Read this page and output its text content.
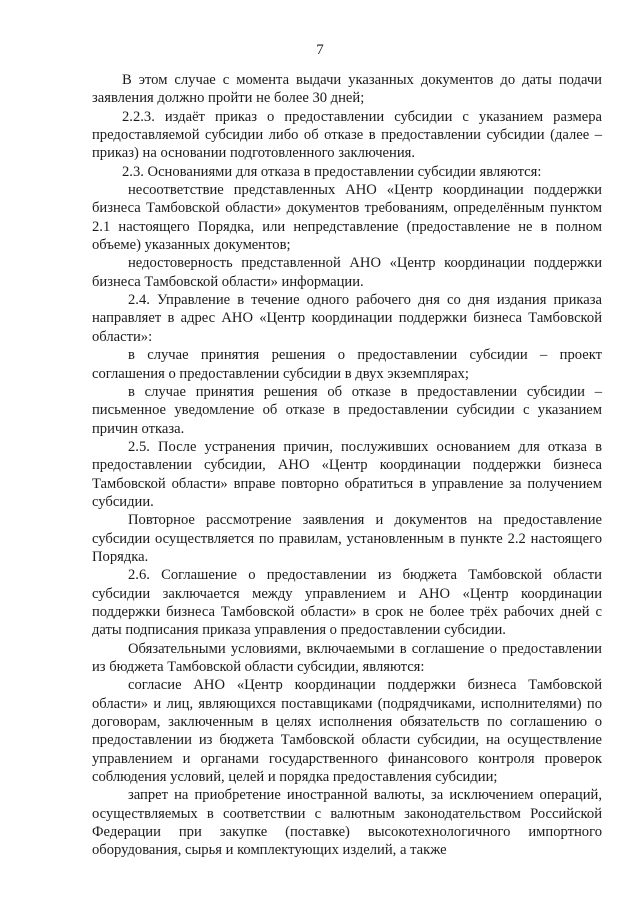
7

В этом случае с момента выдачи указанных документов до даты подачи заявления должно пройти не более 30 дней;

2.2.3. издаёт приказ о предоставлении субсидии с указанием размера предоставляемой субсидии либо об отказе в предоставлении субсидии (далее – приказ) на основании подготовленного заключения.

2.3. Основаниями для отказа в предоставлении субсидии являются:

несоответствие представленных АНО «Центр координации поддержки бизнеса Тамбовской области» документов требованиям, определённым пунктом 2.1 настоящего Порядка, или непредставление (предоставление не в полном объеме) указанных документов;

недостоверность представленной АНО «Центр координации поддержки бизнеса Тамбовской области» информации.

2.4. Управление в течение одного рабочего дня со дня издания приказа направляет в адрес АНО «Центр координации поддержки бизнеса Тамбовской области»:

в случае принятия решения о предоставлении субсидии – проект соглашения о предоставлении субсидии в двух экземплярах;

в случае принятия решения об отказе в предоставлении субсидии – письменное уведомление об отказе в предоставлении субсидии с указанием причин отказа.

2.5. После устранения причин, послуживших основанием для отказа в предоставлении субсидии, АНО «Центр координации поддержки бизнеса Тамбовской области» вправе повторно обратиться в управление за получением субсидии.

Повторное рассмотрение заявления и документов на предоставление субсидии осуществляется по правилам, установленным в пункте 2.2 настоящего Порядка.

2.6. Соглашение о предоставлении из бюджета Тамбовской области субсидии заключается между управлением и АНО «Центр координации поддержки бизнеса Тамбовской области» в срок не более трёх рабочих дней с даты подписания приказа управления о предоставлении субсидии.

Обязательными условиями, включаемыми в соглашение о предоставлении из бюджета Тамбовской области субсидии, являются:

согласие АНО «Центр координации поддержки бизнеса Тамбовской области» и лиц, являющихся поставщиками (подрядчиками, исполнителями) по договорам, заключенным в целях исполнения обязательств по соглашению о предоставлении из бюджета Тамбовской области субсидии, на осуществление управлением и органами государственного финансового контроля проверок соблюдения условий, целей и порядка предоставления субсидии;

запрет на приобретение иностранной валюты, за исключением операций, осуществляемых в соответствии с валютным законодательством Российской Федерации при закупке (поставке) высокотехнологичного импортного оборудования, сырья и комплектующих изделий, а также
